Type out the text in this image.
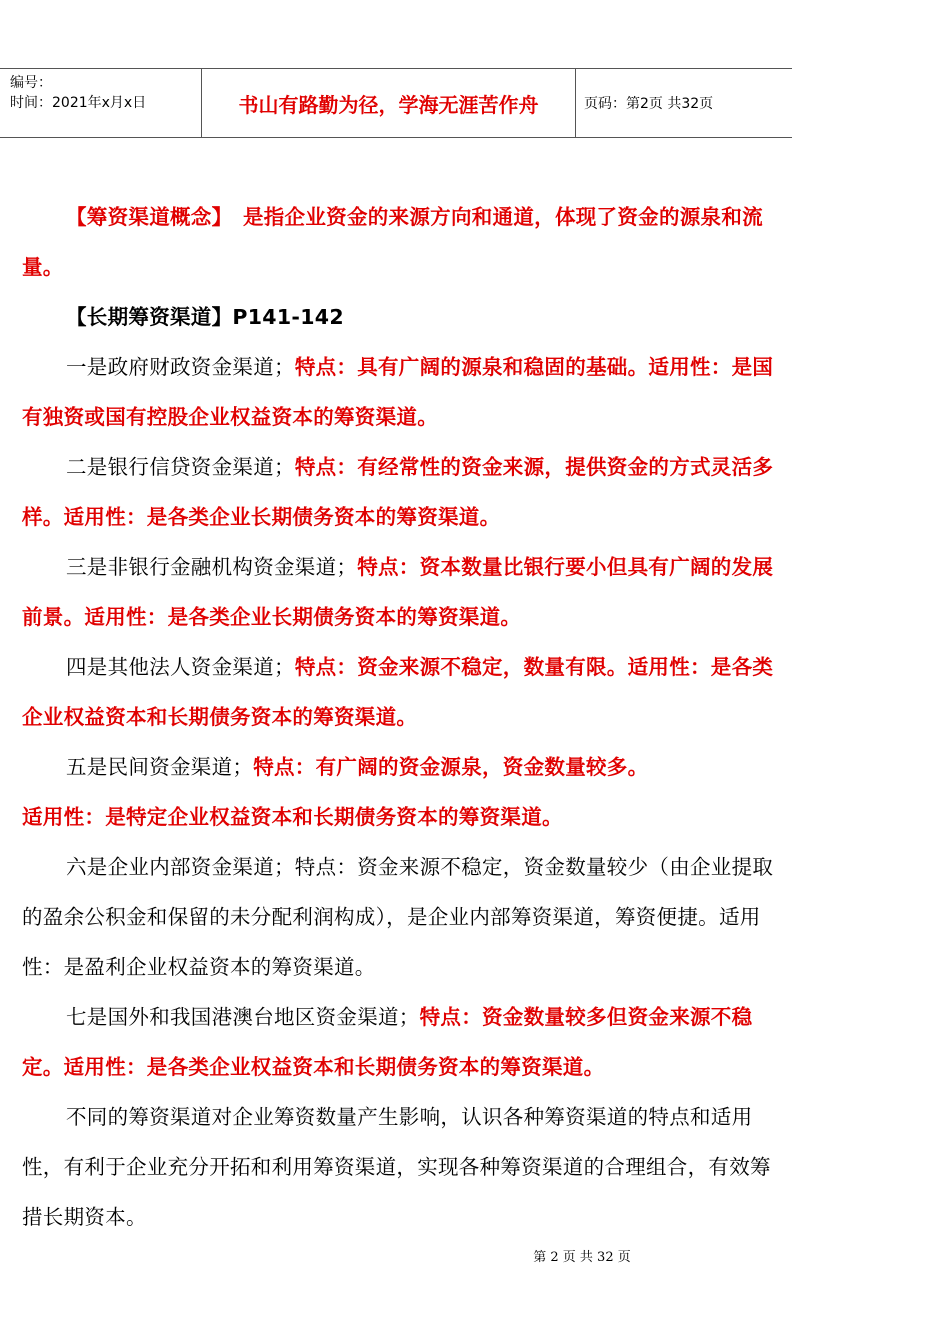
编号：
时间：2021年x月x日	书山有路勤为径，学海无涯苦作舟	页码：第2页 共32页

【筹资渠道概念】　是指企业资金的来源方向和通道，体现了资金的源泉和流量。

【长期筹资渠道】P141-142

一是政府财政资金渠道；特点：具有广阔的源泉和稳固的基础。适用性：是国有独资或国有控股企业权益资本的筹资渠道。

二是银行信贷资金渠道；特点：有经常性的资金来源，提供资金的方式灵活多样。适用性：是各类企业长期债务资本的筹资渠道。

三是非银行金融机构资金渠道；特点：资本数量比银行要小但具有广阔的发展前景。适用性：是各类企业长期债务资本的筹资渠道。

四是其他法人资金渠道；特点：资金来源不稳定，数量有限。适用性：是各类企业权益资本和长期债务资本的筹资渠道。

五是民间资金渠道；特点：有广阔的资金源泉，资金数量较多。

适用性：是特定企业权益资本和长期债务资本的筹资渠道。

六是企业内部资金渠道；特点：资金来源不稳定，资金数量较少（由企业提取的盈余公积金和保留的未分配利润构成），是企业内部筹资渠道，筹资便捷。适用性：是盈利企业权益资本的筹资渠道。

七是国外和我国港澳台地区资金渠道；特点：资金数量较多但资金来源不稳定。适用性：是各类企业权益资本和长期债务资本的筹资渠道。

不同的筹资渠道对企业筹资数量产生影响，认识各种筹资渠道的特点和适用性，有利于企业充分开拓和利用筹资渠道，实现各种筹资渠道的合理组合，有效筹措长期资本。

第 2 页 共 32 页
